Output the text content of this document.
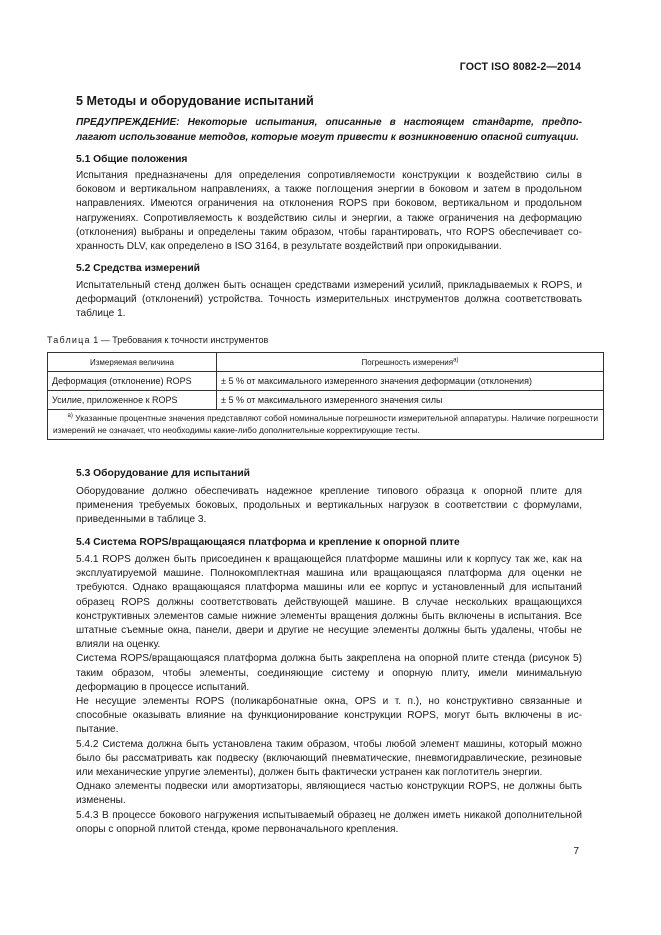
ГОСТ ISO 8082-2—2014
5 Методы и оборудование испытаний
ПРЕДУПРЕЖДЕНИЕ: Некоторые испытания, описанные в настоящем стандарте, предполагают использование методов, которые могут привести к возникновению опасной ситуации.
5.1 Общие положения

Испытания предназначены для определения сопротивляемости конструкции к воздействию силы в боковом и вертикальном направлениях, а также поглощения энергии в боковом и затем в продольном направлениях. Имеются ограничения на отклонения ROPS при боковом, вертикальном и продольном нагружениях. Сопротивляемость к воздействию силы и энергии, а также ограничения на деформацию (отклонения) выбраны и определены таким образом, чтобы гарантировать, что ROPS обеспечивает сохранность DLV, как определено в ISO 3164, в результате воздействий при опрокидывании.

5.2 Средства измерений

Испытательный стенд должен быть оснащен средствами измерений усилий, прикладываемых к ROPS, и деформаций (отклонений) устройства. Точность измерительных инструментов должна соответствовать таблице 1.

Таблица 1 — Требования к точности инструментов
Измеряемая величина	Погрешность измерения$^{a)}$
Деформация (отклонение) ROPS	± 5 % от максимального измеренного значения деформации (отклонения)
Усилие, приложенное к ROPS	± 5 % от максимального измеренного значения силы
$^{a)}$ Указанные процентные значения представляют собой номинальные погрешности измерительной аппаратуры. Наличие погрешности измерений не означает, что необходимы какие-либо дополнительные корректирующие тесты.	
5.3 Оборудование для испытаний

Оборудование должно обеспечивать надежное крепление типового образца к опорной плите для применения требуемых боковых, продольных и вертикальных нагрузок в соответствии с формулами, приведенными в таблице 3.

5.4 Система ROPS/вращающаяся платформа и крепление к опорной плите

5.4.1 ROPS должен быть присоединен к вращающейся платформе машины или к корпусу так же, как на эксплуатируемой машине. Полнокомплектная машина или вращающаяся платформа для оценки не требуются. Однако вращающаяся платформа машины или ее корпус и установленный для испытаний образец ROPS должны соответствовать действующей машине. В случае нескольких вращающихся конструктивных элементов самые нижние элементы вращения должны быть включены в испытания. Все штатные съемные окна, панели, двери и другие не несущие элементы должны быть удалены, чтобы не влияли на оценку.

Система ROPS/вращающаяся платформа должна быть закреплена на опорной плите стенда (рисунок 5) таким образом, чтобы элементы, соединяющие систему и опорную плиту, имели минимальную деформацию в процессе испытаний.

Не несущие элементы ROPS (поликарбонатные окна, OPS и т. п.), но конструктивно связанные и способные оказывать влияние на функционирование конструкции ROPS, могут быть включены в испытание.

5.4.2 Система должна быть установлена таким образом, чтобы любой элемент машины, который можно было бы рассматривать как подвеску (включающий пневматические, пневмогидравлические, резиновые или механические упругие элементы), должен быть фактически устранен как поглотитель энергии.

Однако элементы подвески или амортизаторы, являющиеся частью конструкции ROPS, не должны быть изменены.

5.4.3 В процессе бокового нагружения испытываемый образец не должен иметь никакой дополнительной опоры с опорной плитой стенда, кроме первоначального крепления.

7
